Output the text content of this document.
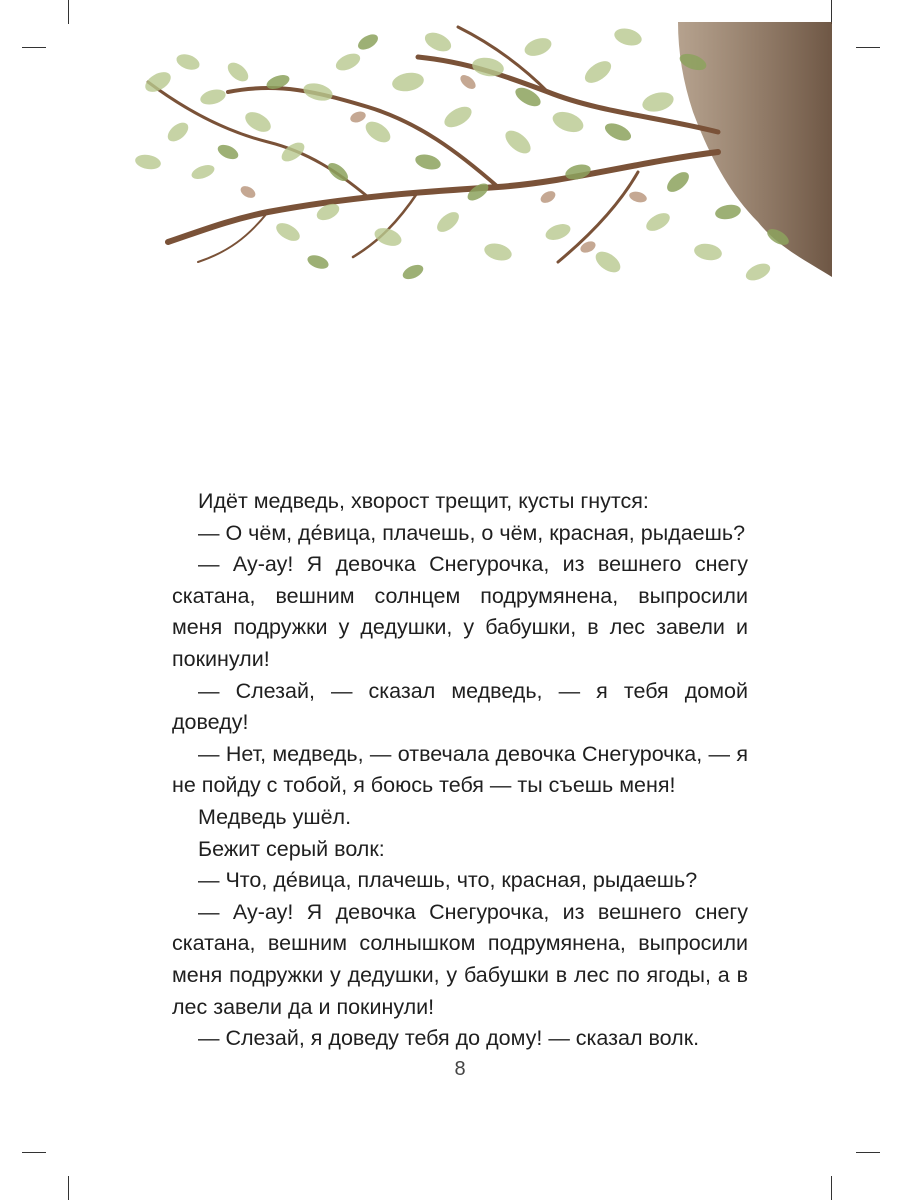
Идёт медведь, хворост трещит, кусты гнутся:

— О чём, де́вица, плачешь, о чём, красная, рыдаешь?

— Ау-ау! Я девочка Снегурочка, из вешнего снегу скатана, вешним солнцем подрумянена, выпросили меня подружки у дедушки, у бабушки, в лес завели и покинули!

— Слезай, — сказал медведь, — я тебя домой доведу!

— Нет, медведь, — отвечала девочка Снегурочка, — я не пойду с тобой, я боюсь тебя — ты съешь меня!

Медведь ушёл.

Бежит серый волк:

— Что, де́вица, плачешь, что, красная, рыдаешь?

— Ау-ау! Я девочка Снегурочка, из вешнего снегу скатана, вешним солнышком подрумянена, выпросили меня подружки у дедушки, у бабушки в лес по ягоды, а в лес завели да и покинули!

— Слезай, я доведу тебя до дому! — сказал волк.

8
